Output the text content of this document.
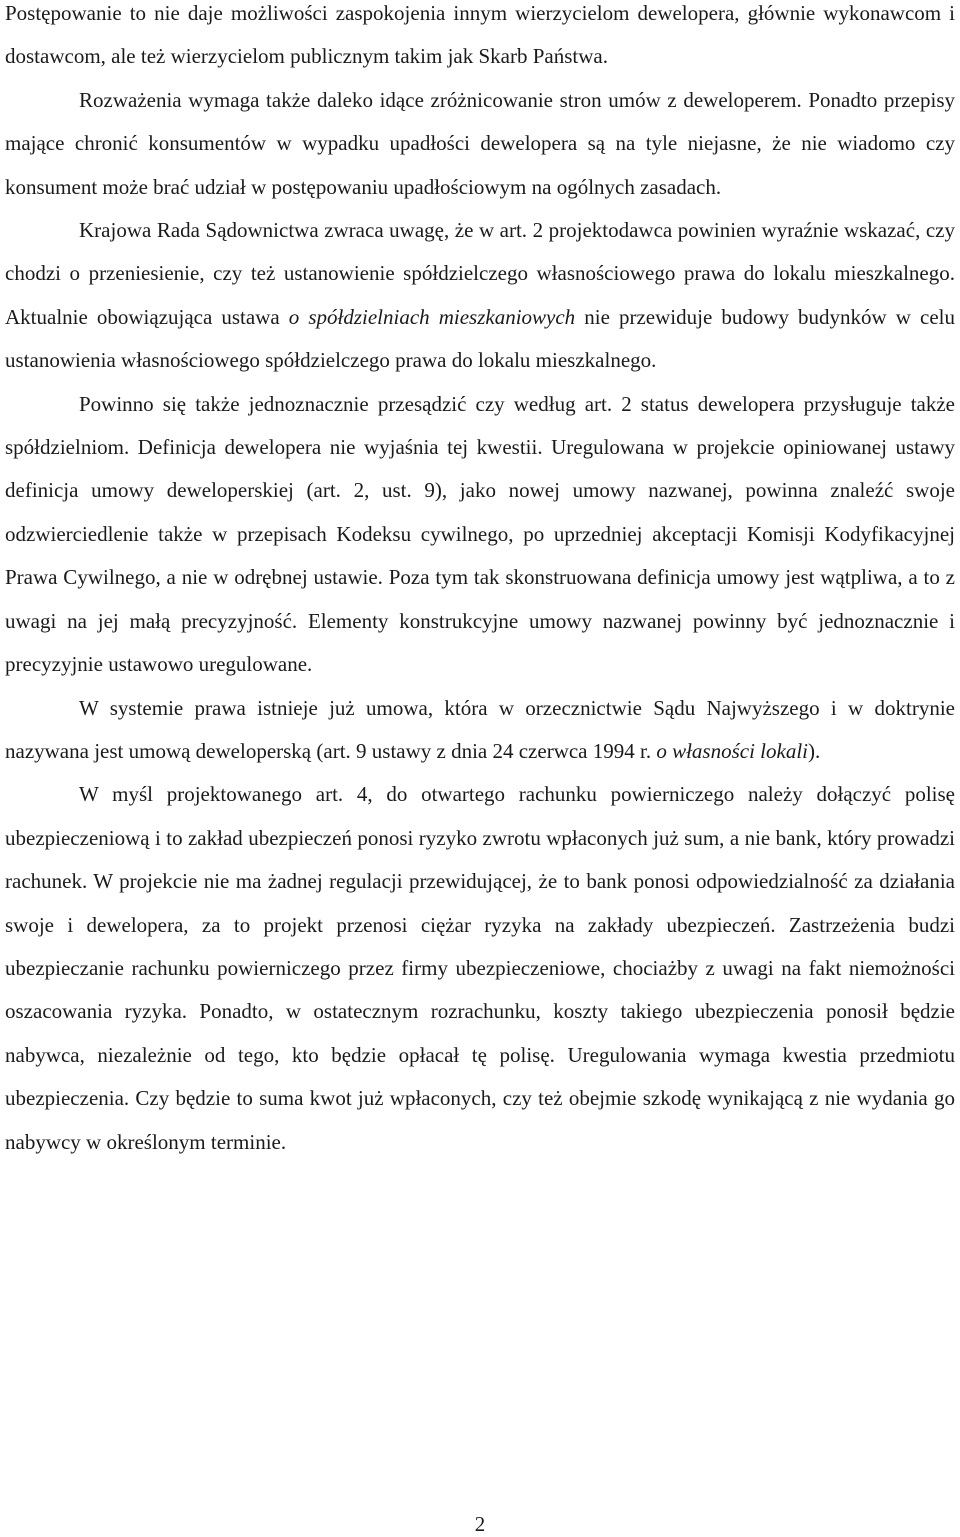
Postępowanie to nie daje możliwości zaspokojenia innym wierzycielom dewelopera, głównie wykonawcom i dostawcom, ale też wierzycielom publicznym takim jak Skarb Państwa.

Rozważenia wymaga także daleko idące zróżnicowanie stron umów z deweloperem. Ponadto przepisy mające chronić konsumentów w wypadku upadłości dewelopera są na tyle niejasne, że nie wiadomo czy konsument może brać udział w postępowaniu upadłościowym na ogólnych zasadach.

Krajowa Rada Sądownictwa zwraca uwagę, że w art. 2 projektodawca powinien wyraźnie wskazać, czy chodzi o przeniesienie, czy też ustanowienie spółdzielczego własnościowego prawa do lokalu mieszkalnego. Aktualnie obowiązująca ustawa o spółdzielniach mieszkaniowych nie przewiduje budowy budynków w celu ustanowienia własnościowego spółdzielczego prawa do lokalu mieszkalnego.

Powinno się także jednoznacznie przesądzić czy według art. 2 status dewelopera przysługuje także spółdzielniom. Definicja dewelopera nie wyjaśnia tej kwestii. Uregulowana w projekcie opiniowanej ustawy definicja umowy deweloperskiej (art. 2, ust. 9), jako nowej umowy nazwanej, powinna znaleźć swoje odzwierciedlenie także w przepisach Kodeksu cywilnego, po uprzedniej akceptacji Komisji Kodyfikacyjnej Prawa Cywilnego, a nie w odrębnej ustawie. Poza tym tak skonstruowana definicja umowy jest wątpliwa, a to z uwagi na jej małą precyzyjność. Elementy konstrukcyjne umowy nazwanej powinny być jednoznacznie i precyzyjnie ustawowo uregulowane.

W systemie prawa istnieje już umowa, która w orzecznictwie Sądu Najwyższego i w doktrynie nazywana jest umową deweloperską (art. 9 ustawy z dnia 24 czerwca 1994 r. o własności lokali).

W myśl projektowanego art. 4, do otwartego rachunku powierniczego należy dołączyć polisę ubezpieczeniową i to zakład ubezpieczeń ponosi ryzyko zwrotu wpłaconych już sum, a nie bank, który prowadzi rachunek. W projekcie nie ma żadnej regulacji przewidującej, że to bank ponosi odpowiedzialność za działania swoje i dewelopera, za to projekt przenosi ciężar ryzyka na zakłady ubezpieczeń. Zastrzeżenia budzi ubezpieczanie rachunku powierniczego przez firmy ubezpieczeniowe, chociażby z uwagi na fakt niemożności oszacowania ryzyka. Ponadto, w ostatecznym rozrachunku, koszty takiego ubezpieczenia ponosił będzie nabywca, niezależnie od tego, kto będzie opłacał tę polisę. Uregulowania wymaga kwestia przedmiotu ubezpieczenia. Czy będzie to suma kwot już wpłaconych, czy też obejmie szkodę wynikającą z nie wydania go nabywcy w określonym terminie.

2
